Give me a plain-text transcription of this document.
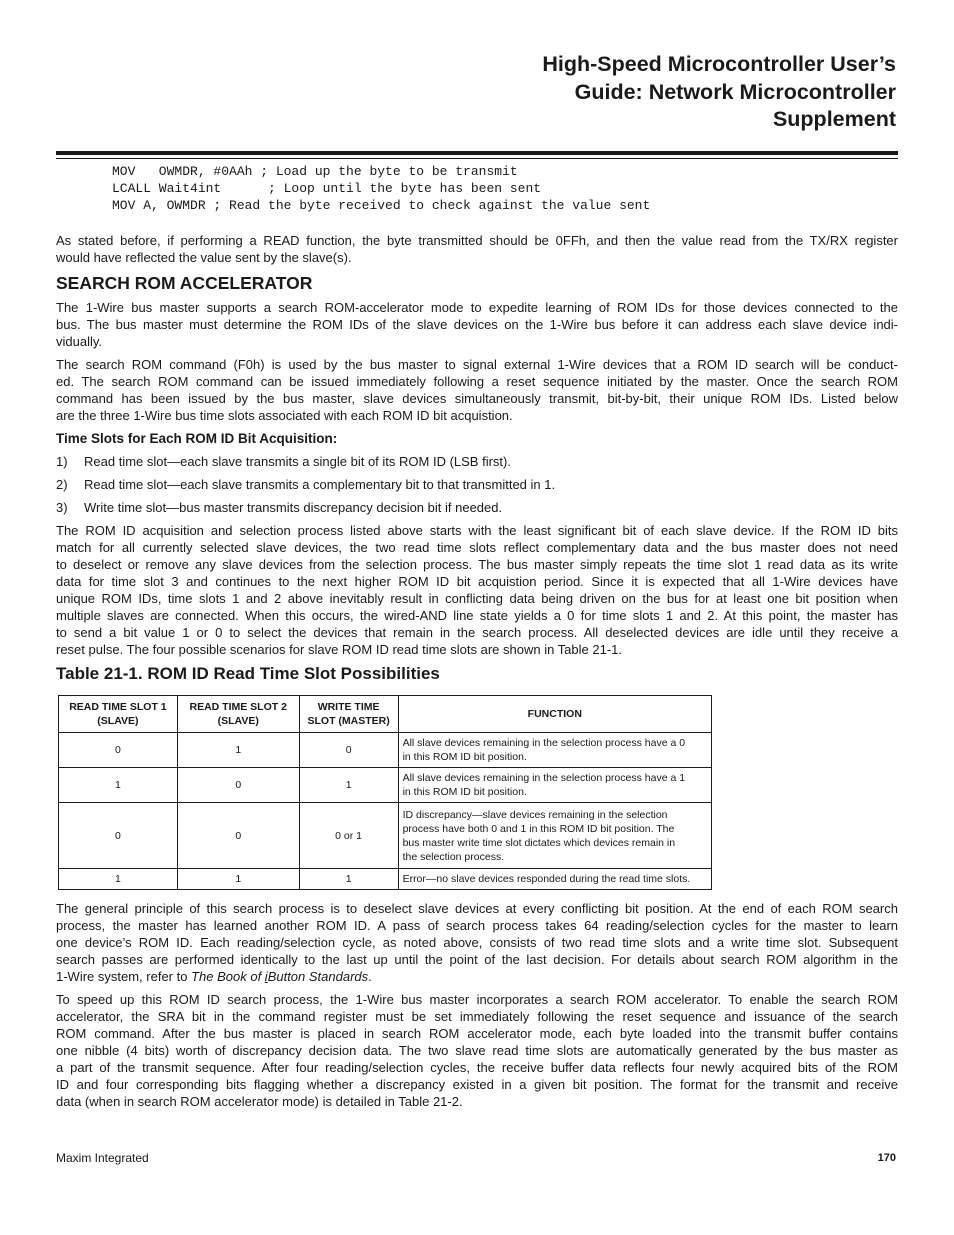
High-Speed Microcontroller User’s
Guide: Network Microcontroller
Supplement
MOV   OWMDR, #0AAh ; Load up the byte to be transmit
LCALL Wait4int      ; Loop until the byte has been sent
MOV A, OWMDR ; Read the byte received to check against the value sent
As stated before, if performing a READ function, the byte transmitted should be 0FFh, and then the value read from the TX/RX register
would have reflected the value sent by the slave(s).
SEARCH ROM ACCELERATOR
The 1-Wire bus master supports a search ROM-accelerator mode to expedite learning of ROM IDs for those devices connected to the
bus. The bus master must determine the ROM IDs of the slave devices on the 1-Wire bus before it can address each slave device indi-
vidually.
The search ROM command (F0h) is used by the bus master to signal external 1-Wire devices that a ROM ID search will be conduct-
ed. The search ROM command can be issued immediately following a reset sequence initiated by the master. Once the search ROM
command has been issued by the bus master, slave devices simultaneously transmit, bit-by-bit, their unique ROM IDs. Listed below
are the three 1-Wire bus time slots associated with each ROM ID bit acquistion.
Time Slots for Each ROM ID Bit Acquisition:
1) Read time slot—each slave transmits a single bit of its ROM ID (LSB first).
2) Read time slot—each slave transmits a complementary bit to that transmitted in 1.
3) Write time slot—bus master transmits discrepancy decision bit if needed.
The ROM ID acquisition and selection process listed above starts with the least significant bit of each slave device. If the ROM ID bits
match for all currently selected slave devices, the two read time slots reflect complementary data and the bus master does not need
to deselect or remove any slave devices from the selection process. The bus master simply repeats the time slot 1 read data as its write
data for time slot 3 and continues to the next higher ROM ID bit acquistion period. Since it is expected that all 1-Wire devices have
unique ROM IDs, time slots 1 and 2 above inevitably result in conflicting data being driven on the bus for at least one bit position when
multiple slaves are connected. When this occurs, the wired-AND line state yields a 0 for time slots 1 and 2. At this point, the master has
to send a bit value 1 or 0 to select the devices that remain in the search process. All deselected devices are idle until they receive a
reset pulse. The four possible scenarios for slave ROM ID read time slots are shown in Table 21-1.
Table 21-1. ROM ID Read Time Slot Possibilities
READ TIME SLOT 1
(SLAVE)	READ TIME SLOT 2
(SLAVE)	WRITE TIME
SLOT (MASTER)	FUNCTION
0	1	0	All slave devices remaining in the selection process have a 0
in this ROM ID bit position.
1	0	1	All slave devices remaining in the selection process have a 1
in this ROM ID bit position.
0	0	0 or 1	ID discrepancy—slave devices remaining in the selection
process have both 0 and 1 in this ROM ID bit position. The
bus master write time slot dictates which devices remain in
the selection process.
1	1	1	Error—no slave devices responded during the read time slots.
The general principle of this search process is to deselect slave devices at every conflicting bit position. At the end of each ROM search
process, the master has learned another ROM ID. A pass of search process takes 64 reading/selection cycles for the master to learn
one device’s ROM ID. Each reading/selection cycle, as noted above, consists of two read time slots and a write time slot. Subsequent
search passes are performed identically to the last up until the point of the last decision. For details about search ROM algorithm in the
1-Wire system, refer to The Book of iButton Standards.
To speed up this ROM ID search process, the 1-Wire bus master incorporates a search ROM accelerator. To enable the search ROM
accelerator, the SRA bit in the command register must be set immediately following the reset sequence and issuance of the search
ROM command. After the bus master is placed in search ROM accelerator mode, each byte loaded into the transmit buffer contains
one nibble (4 bits) worth of discrepancy decision data. The two slave read time slots are automatically generated by the bus master as
a part of the transmit sequence. After four reading/selection cycles, the receive buffer data reflects four newly acquired bits of the ROM
ID and four corresponding bits flagging whether a discrepancy existed in a given bit position. The format for the transmit and receive
data (when in search ROM accelerator mode) is detailed in Table 21-2.
Maxim Integrated	170
